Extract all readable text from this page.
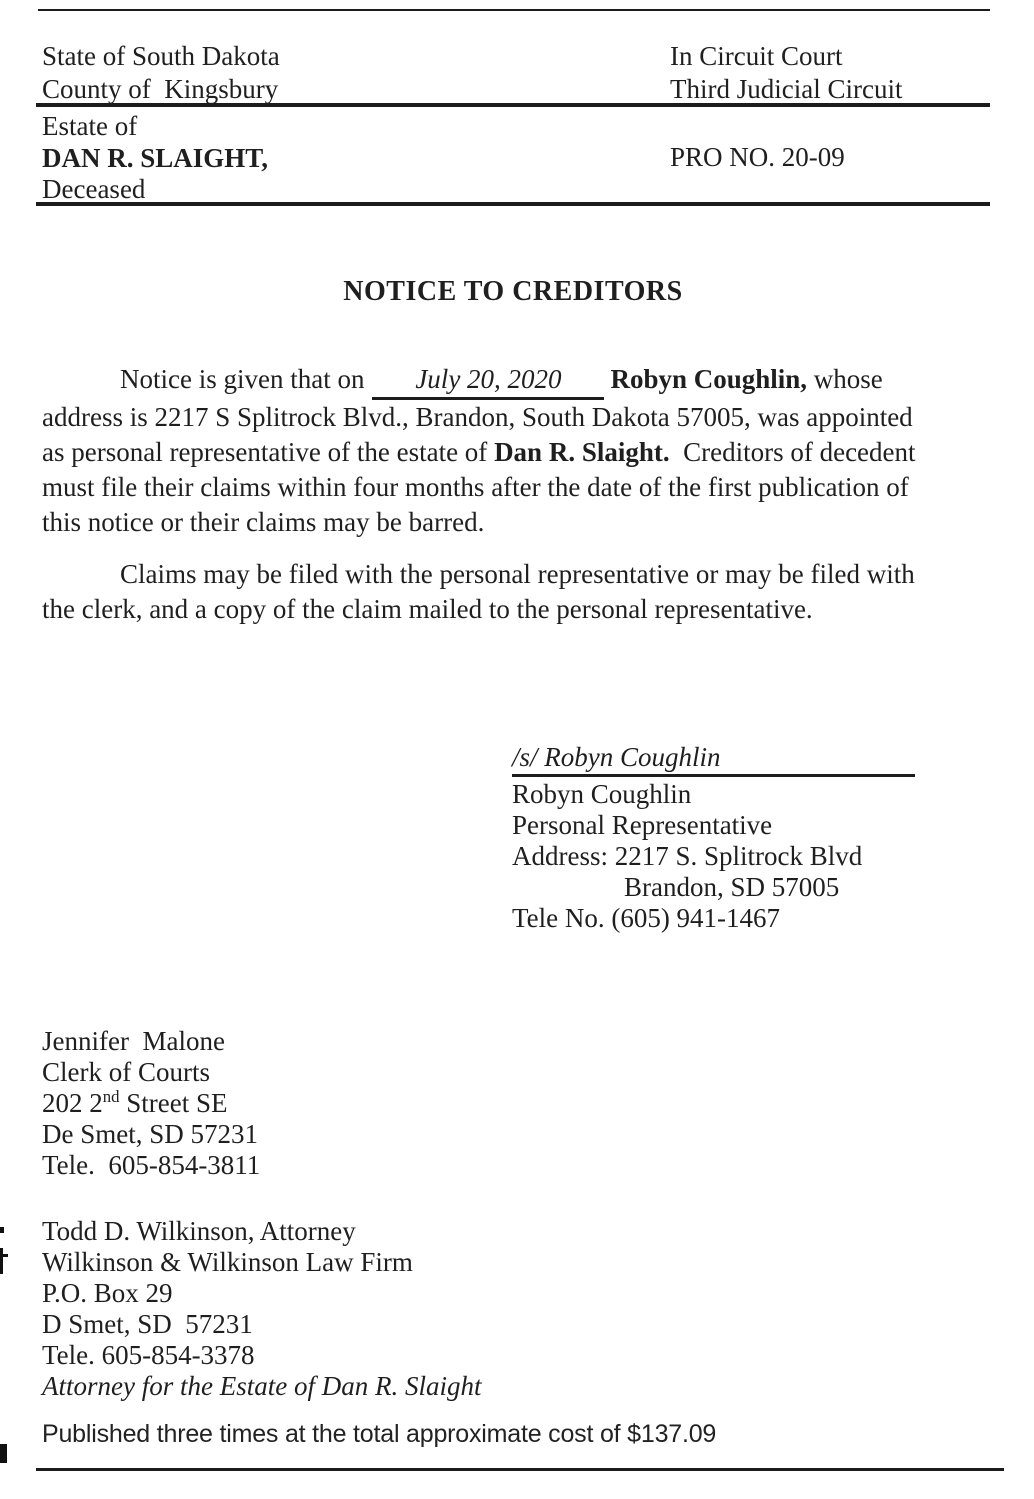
State of South Dakota
County of  Kingsbury
In Circuit Court
Third Judicial Circuit
Estate of
DAN R. SLAIGHT,
Deceased
PRO NO. 20-09
NOTICE TO CREDITORS
Notice is given that on July 20, 2020 Robyn Coughlin, whose
address is 2217 S Splitrock Blvd., Brandon, South Dakota 57005, was appointed
as personal representative of the estate of Dan R. Slaight.  Creditors of decedent
must file their claims within four months after the date of the first publication of
this notice or their claims may be barred.
Claims may be filed with the personal representative or may be filed with
the clerk, and a copy of the claim mailed to the personal representative.
/s/ Robyn Coughlin
Robyn Coughlin
Personal Representative
Address: 2217 S. Splitrock Blvd
Brandon, SD 57005
Tele No. (605) 941-1467
Jennifer  Malone
Clerk of Courts
202 2nd Street SE
De Smet, SD 57231
Tele.  605-854-3811
Todd D. Wilkinson, Attorney
Wilkinson & Wilkinson Law Firm
P.O. Box 29
D Smet, SD  57231
Tele. 605-854-3378
Attorney for the Estate of Dan R. Slaight
Published three times at the total approximate cost of $137.09
